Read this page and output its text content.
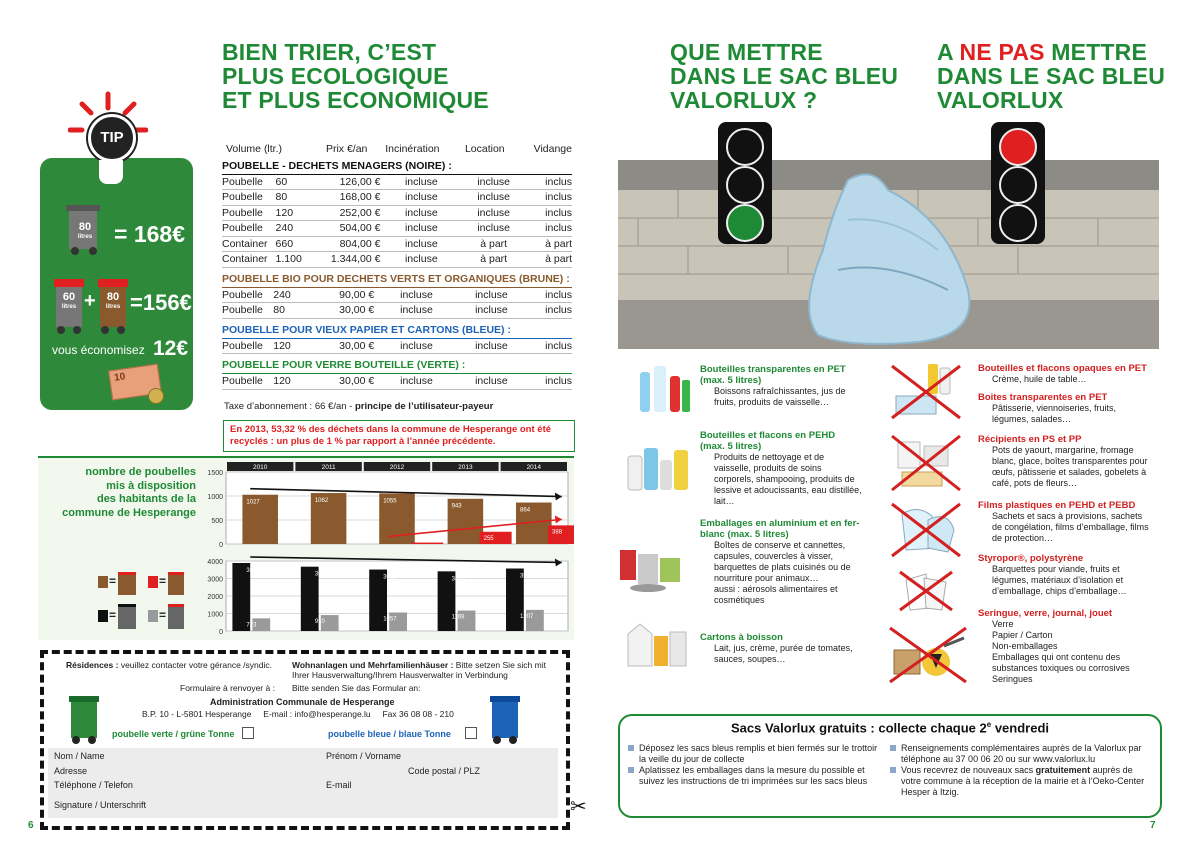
BIEN TRIER, C’EST
PLUS ECOLOGIQUE
ET PLUS ECONOMIQUE
TIP
80
litres = 168€
60
litres +	80
litres =156€
vous économisez 12€
10
Volume (ltr.)	Prix €/an	Incinération	Location	Vidange
POUBELLE - DECHETS MENAGERS (NOIRE) :
Poubelle	60	126,00 €	incluse	incluse	inclus
Poubelle	80	168,00 €	incluse	incluse	inclus
Poubelle	120	252,00 €	incluse	incluse	inclus
Poubelle	240	504,00 €	incluse	incluse	inclus
Container	660	804,00 €	incluse	à part	à part
Container	1.100	1.344,00 €	incluse	à part	à part
POUBELLE BIO POUR DECHETS VERTS ET ORGANIQUES (BRUNE) :
Poubelle	240	90,00 €	incluse	incluse	inclus
Poubelle	80	30,00 €	incluse	incluse	inclus
POUBELLE POUR VIEUX PAPIER ET CARTONS (BLEUE) :
Poubelle	120	30,00 €	incluse	incluse	inclus
POUBELLE POUR VERRE BOUTEILLE (VERTE) :
Poubelle	120	30,00 €	incluse	incluse	inclus
Taxe d’abonnement : 66 €/an - principe de l’utilisateur-payeur
En 2013, 53,32 % des déchets dans la commune de Hesperange ont été recyclés : un plus de 1 % par rapport à l’année précédente.
nombre de poubelles
mis à disposition
des habitants de la
commune de Hesperange
0
500
1000
1500
2010	2011	2012	2013	2014
1027	1062	1055
943
864
30
255
388
0
1000
2000
3000
4000
3886
3675	3512	3410	3571
723
910	1057	1169	1207
=	=
=	=
Résidences : veuillez contacter votre gérance /syndic.	Wohnanlagen und Mehrfamilienhäuser : Bitte setzen Sie sich mit Ihrer Hausverwaltung/Ihrem Hausverwalter in Verbindung
Formulaire à renvoyer à : Bitte senden Sie das Formular an:
Administration Communale de Hesperange
B.P. 10 - L-5801 Hesperange     E-mail : info@hesperange.lu     Fax 36 08 08 - 210
poubelle verte / grüne Tonne	poubelle bleue / blaue Tonne
Nom / Name	Prénom / Vorname
Adresse	Code postal / PLZ
Téléphone / Telefon	E-mail
Signature / Unterschrift	✂
6
QUE METTRE
DANS LE SAC BLEU
VALORLUX ?
A NE PAS METTRE
DANS LE SAC BLEU
VALORLUX
Bouteilles transparentes en PET (max. 5 litres)
Boissons rafraîchissantes, jus de fruits, produits de vaisselle…
Bouteilles et flacons en PEHD (max. 5 litres)
Produits de nettoyage et de vaisselle, produits de soins corporels, shampooing, produits de lessive et adoucissants, eau distillée, lait…
Emballages en aluminium et en fer-blanc (max. 5 litres)
Boîtes de conserve et cannettes, capsules, couvercles à visser, barquettes de plats cuisinés ou de nourriture pour animaux…
aussi : aérosols alimentaires et cosmétiques
Cartons à boisson
Lait, jus, crème, purée de tomates, sauces, soupes…
Bouteilles et flacons opaques en PET
Crème, huile de table…
Boites transparentes en PET
Pâtisserie, viennoiseries, fruits, légumes, salades…
Récipients en PS et PP
Pots de yaourt, margarine, fromage blanc, glace, boîtes transparentes pour œufs, pâtisserie et salades, gobelets à café, pots de fleurs…
Films plastiques en PEHD et PEBD
Sachets et sacs à provisions, sachets de congélation, films d’emballage, films de protection…
Styropor®, polystyrène
Barquettes pour viande, fruits et légumes, matériaux d’isolation et d’emballage, chips d’emballage…
Seringue, verre, journal, jouet
Verre
Papier / Carton
Non-emballages
Emballages qui ont contenu des substances toxiques ou corrosives
Seringues
Sacs Valorlux gratuits : collecte chaque 2e vendredi
Déposez les sacs bleus remplis et bien fermés sur le trottoir la veille du jour de collecte
Aplatissez les emballages dans la mesure du possible et suivez les instructions de tri imprimées sur les sacs bleus
Renseignements complémentaires auprès de la Valorlux par téléphone au 37 00 06 20 ou sur www.valorlux.lu
Vous recevrez de nouveaux sacs gratuitement auprès de votre commune à la réception de la mairie et à l’Oeko-Center Hesper à Itzig.
7
